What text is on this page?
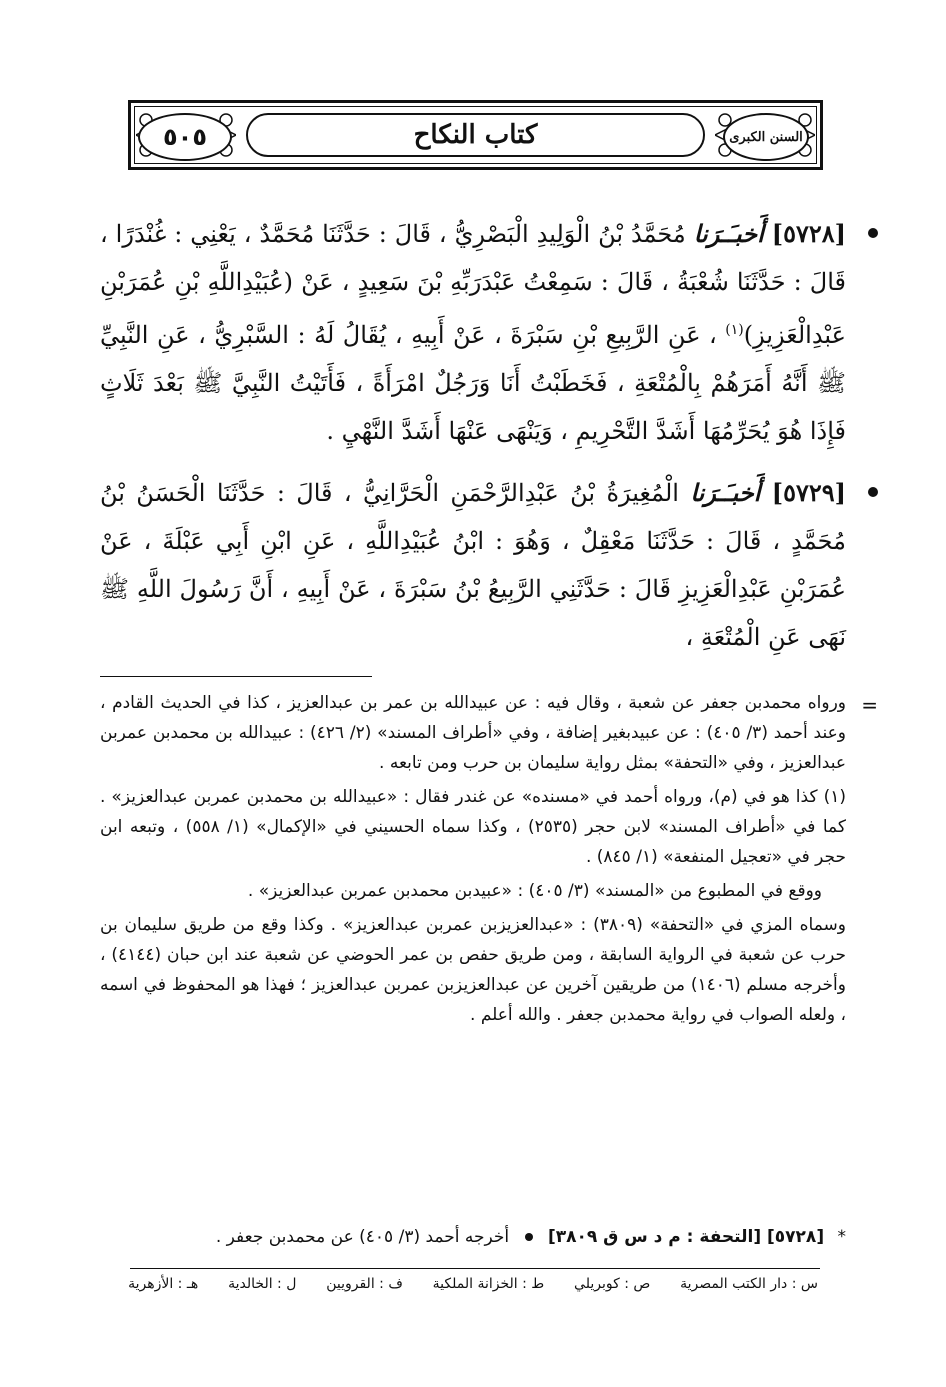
٥٠٥	كتاب النكاح	السنن الكبرى
[٥٧٢٨] أَخبـَـرَنا مُحَمَّدُ بْنُ الْوَلِيدِ الْبَصْرِيُّ ، قَالَ : حَدَّثَنَا مُحَمَّدٌ ، يَعْنِي : غُنْدَرًا ، قَالَ : حَدَّثَنَا شُعْبَةُ ، قَالَ : سَمِعْتُ عَبْدَرَبِّهِ بْنَ سَعِيدٍ ، عَنْ (عُبَيْدِاللَّهِ بْنِ عُمَرَبْنِ عَبْدِالْعَزِيزِ)$^{(١)}$ ، عَنِ الرَّبِيعِ بْنِ سَبْرَةَ ، عَنْ أَبِيهِ ، يُقَالُ لَهُ : السَّبْرِيُّ ، عَنِ النَّبِيِّ ﷺ أَنَّهُ أَمَرَهُمْ بِالْمُتْعَةِ ، فَخَطَبْتُ أَنَا وَرَجُلٌ امْرَأَةً ، فَأَتَيْتُ النَّبِيَّ ﷺ بَعْدَ ثَلَاثٍ فَإِذَا هُوَ يُحَرِّمُهَا أَشَدَّ التَّحْرِيمِ ، وَيَنْهَى عَنْهَا أَشَدَّ النَّهْيِ .
[٥٧٢٩] أَخبـَـرَنا الْمُغِيرَةُ بْنُ عَبْدِالرَّحْمَنِ الْحَرَّانِيُّ ، قَالَ : حَدَّثَنَا الْحَسَنُ بْنُ مُحَمَّدٍ ، قَالَ : حَدَّثَنَا مَعْقِلٌ ، وَهُوَ : ابْنُ عُبَيْدِاللَّهِ ، عَنِ ابْنِ أَبِي عَبْلَةَ ، عَنْ عُمَرَبْنِ عَبْدِالْعَزِيزِ قَالَ : حَدَّثَنِي الرَّبِيعُ بْنُ سَبْرَةَ ، عَنْ أَبِيهِ ، أَنَّ رَسُولَ اللَّهِ ﷺ نَهَى عَنِ الْمُتْعَةِ ،
=

ورواه محمدبن جعفر عن شعبة ، وقال فيه : عن عبيدالله بن عمر بن عبدالعزيز ، كذا في الحديث القادم ، وعند أحمد (٣/ ٤٠٥) : عن عبيدبغير إضافة ، وفي «أطراف المسند» (٢/ ٤٢٦) : عبيدالله بن محمدبن عمربن عبدالعزيز ، وفي «التحفة» بمثل رواية سليمان بن حرب ومن تابعه .

(١) كذا هو في (م)، ورواه أحمد في «مسنده» عن غندر فقال : «عبيدالله بن محمدبن عمربن عبدالعزيز» . كما في «أطراف المسند» لابن حجر (٢٥٣٥) ، وكذا سماه الحسيني في «الإكمال» (١/ ٥٥٨) ، وتبعه ابن حجر في «تعجيل المنفعة» (١/ ٨٤٥) .

ووقع في المطبوع من «المسند» (٣/ ٤٠٥) : «عبيدبن محمدبن عمربن عبدالعزيز» .

وسماه المزي في «التحفة» (٣٨٠٩) : «عبدالعزيزبن عمربن عبدالعزيز» . وكذا وقع من طريق سليمان بن حرب عن شعبة في الرواية السابقة ، ومن طريق حفص بن عمر الحوضي عن شعبة عند ابن حبان (٤١٤٤) ، وأخرجه مسلم (١٤٠٦) من طريقين آخرين عن عبدالعزيزبن عمربن عبدالعزيز ؛ فهذا هو المحفوظ في اسمه ، ولعله الصواب في رواية محمدبن جعفر . والله أعلم .

* [٥٧٢٨] [التحفة : م د س ق ٣٨٠٩]  أخرجه أحمد (٣/ ٤٠٥) عن محمدبن جعفر .
س : دار الكتب المصرية
ص : كوبريلي
ط : الخزانة الملكية
ف : القرويين
ل : الخالدية
هـ : الأزهرية
